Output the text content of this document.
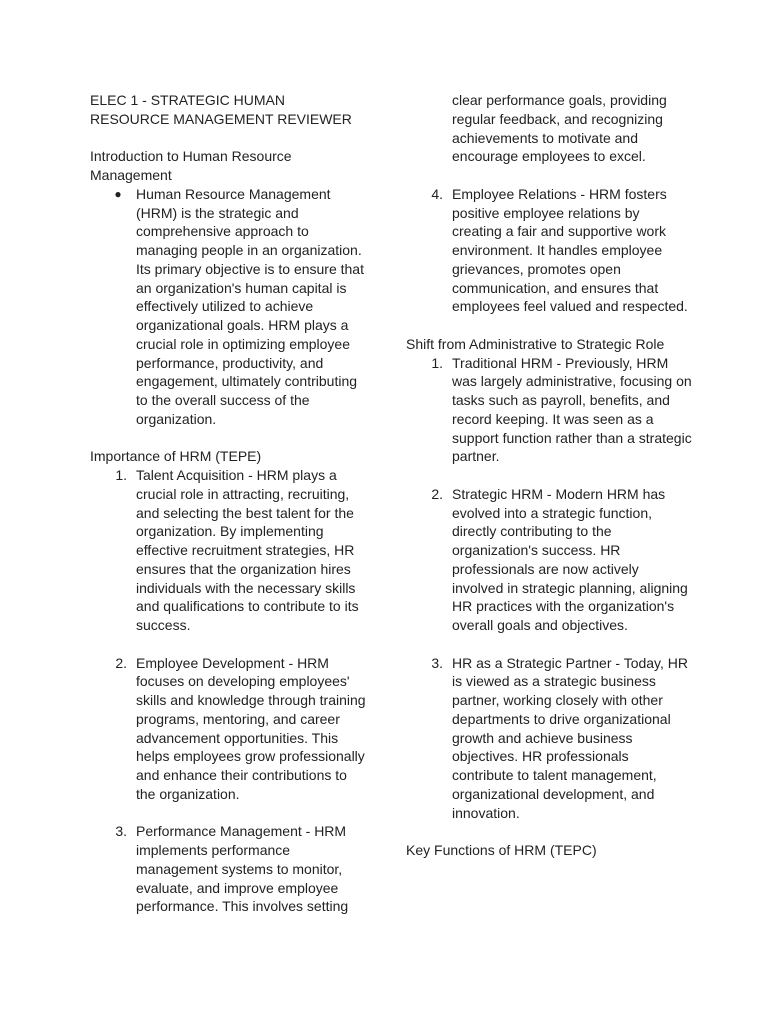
ELEC 1 - STRATEGIC HUMAN

RESOURCE MANAGEMENT REVIEWER

Introduction to Human Resource Management

● Human Resource Management (HRM) is the strategic and comprehensive approach to managing people in an organization. Its primary objective is to ensure that an organization's human capital is effectively utilized to achieve organizational goals. HRM plays a crucial role in optimizing employee performance, productivity, and engagement, ultimately contributing to the overall success of the organization.

Importance of HRM (TEPE)

1. Talent Acquisition - HRM plays a crucial role in attracting, recruiting, and selecting the best talent for the organization. By implementing effective recruitment strategies, HR ensures that the organization hires individuals with the necessary skills and qualifications to contribute to its success.

2. Employee Development - HRM focuses on developing employees' skills and knowledge through training programs, mentoring, and career advancement opportunities. This helps employees grow professionally and enhance their contributions to the organization.

3. Performance Management - HRM implements performance management systems to monitor, evaluate, and improve employee performance. This involves setting

clear performance goals, providing regular feedback, and recognizing achievements to motivate and encourage employees to excel.

4. Employee Relations - HRM fosters positive employee relations by creating a fair and supportive work environment. It handles employee grievances, promotes open communication, and ensures that employees feel valued and respected.

Shift from Administrative to Strategic Role

1. Traditional HRM - Previously, HRM was largely administrative, focusing on tasks such as payroll, benefits, and record keeping. It was seen as a support function rather than a strategic partner.

2. Strategic HRM - Modern HRM has evolved into a strategic function, directly contributing to the organization's success. HR professionals are now actively involved in strategic planning, aligning HR practices with the organization's overall goals and objectives.

3. HR as a Strategic Partner - Today, HR is viewed as a strategic business partner, working closely with other departments to drive organizational growth and achieve business objectives. HR professionals contribute to talent management, organizational development, and innovation.

Key Functions of HRM (TEPC)
